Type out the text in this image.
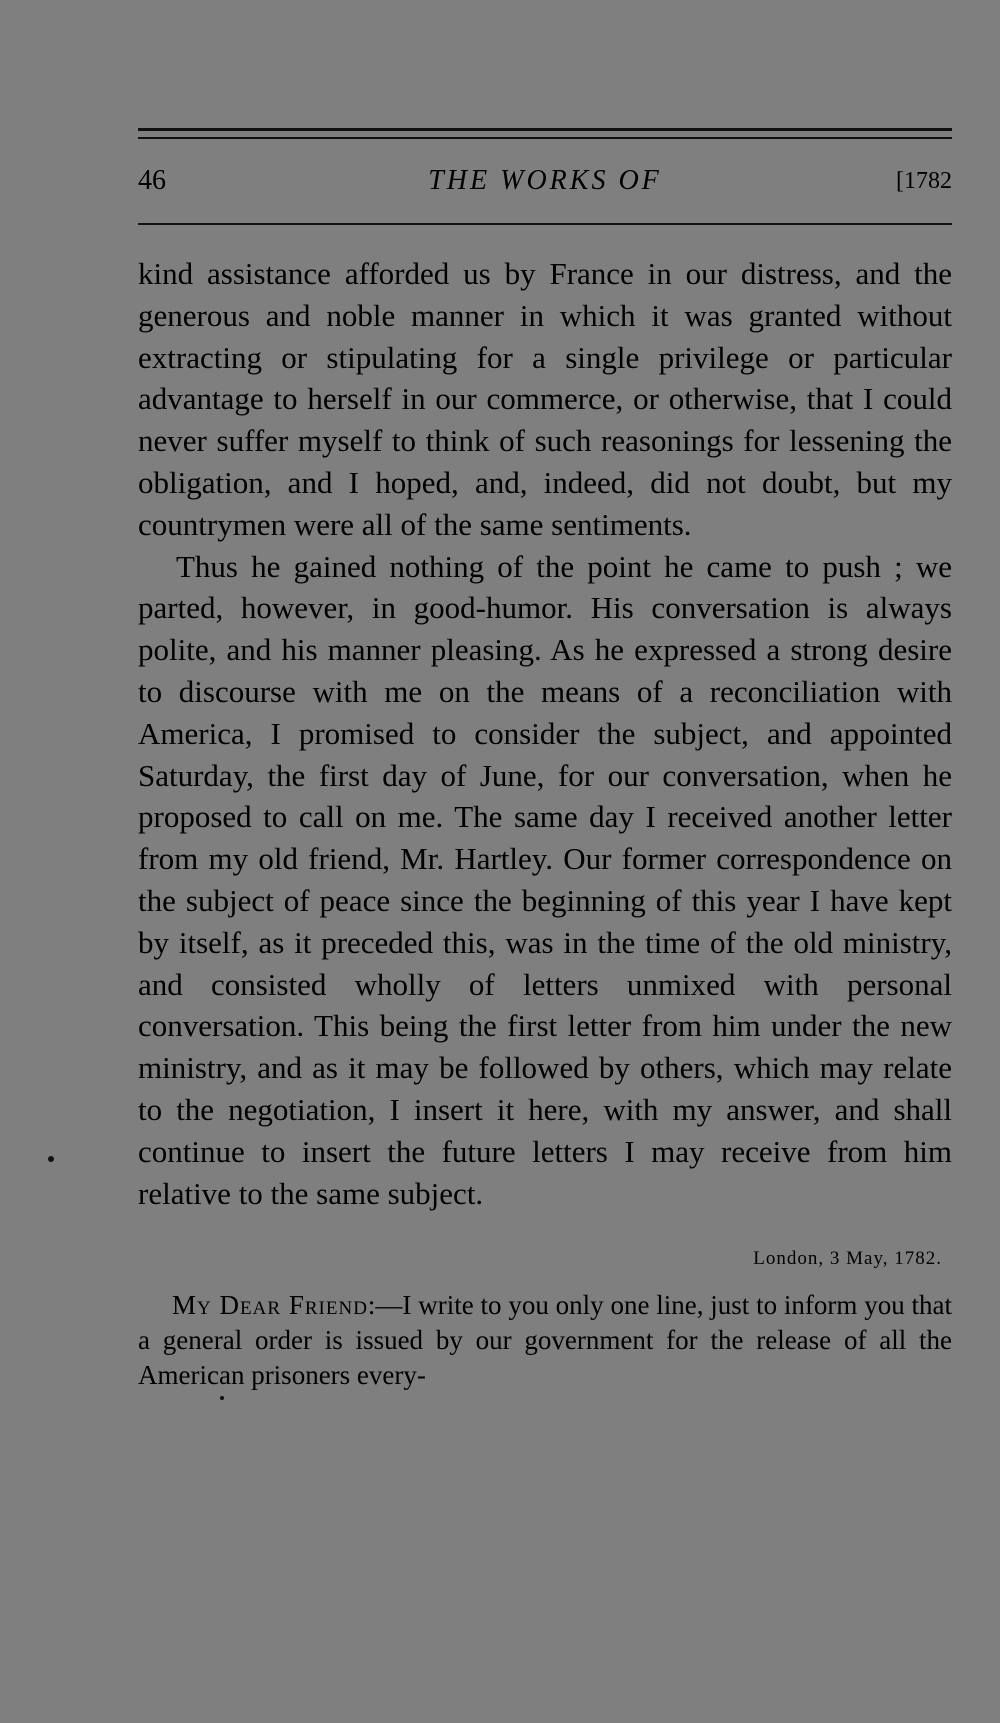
46	THE WORKS OF	[1782

kind assistance afforded us by France in our distress, and the generous and noble manner in which it was granted without extracting or stipulating for a single privilege or particular advantage to herself in our commerce, or otherwise, that I could never suffer myself to think of such reasonings for lessening the obligation, and I hoped, and, indeed, did not doubt, but my countrymen were all of the same sentiments.

Thus he gained nothing of the point he came to push ; we parted, however, in good-humor. His conversation is always polite, and his manner pleasing. As he expressed a strong desire to discourse with me on the means of a reconciliation with America, I promised to consider the subject, and appointed Saturday, the first day of June, for our conversation, when he proposed to call on me. The same day I received another letter from my old friend, Mr. Hartley. Our former correspondence on the subject of peace since the beginning of this year I have kept by itself, as it preceded this, was in the time of the old ministry, and consisted wholly of letters unmixed with personal conversation. This being the first letter from him under the new ministry, and as it may be followed by others, which may relate to the negotiation, I insert it here, with my answer, and shall continue to insert the future letters I may receive from him relative to the same subject.

London, 3 May, 1782.

My Dear Friend:—I write to you only one line, just to inform you that a general order is issued by our government for the release of all the American prisoners every-
